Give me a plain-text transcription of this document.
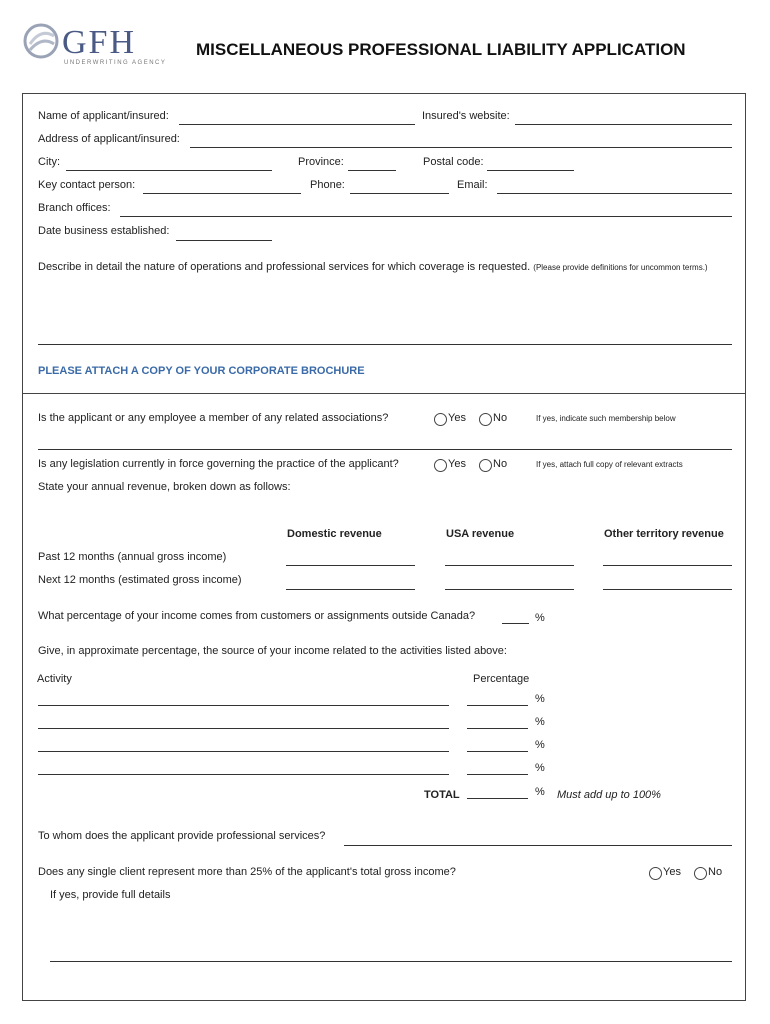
GFH
UNDERWRITING AGENCY
MISCELLANEOUS PROFESSIONAL LIABILITY APPLICATION
Name of applicant/insured:	Insured's website:
Address of applicant/insured:
City:	Province:	Postal code:
Key contact person:	Phone:	Email:
Branch offices:
Date business established:
Describe in detail the nature of operations and professional services for which coverage is requested. (Please provide definitions for uncommon terms.)
PLEASE ATTACH A COPY OF YOUR CORPORATE BROCHURE
Is the applicant or any employee a member of any related associations?	Yes No	If yes, indicate such membership below
Is any legislation currently in force governing the practice of the applicant?	Yes No	If yes, attach full copy of relevant extracts
State your annual revenue, broken down as follows:
Domestic revenue	USA revenue	Other territory revenue
Past 12 months (annual gross income)
Next 12 months (estimated gross income)
What percentage of your income comes from customers or assignments outside Canada?	%
Give, in approximate percentage, the source of your income related to the activities listed above:
Activity	Percentage
%
%
%
%
TOTAL	% Must add up to 100%
To whom does the applicant provide professional services?
Does any single client represent more than 25% of the applicant's total gross income?	Yes No
If yes, provide full details
